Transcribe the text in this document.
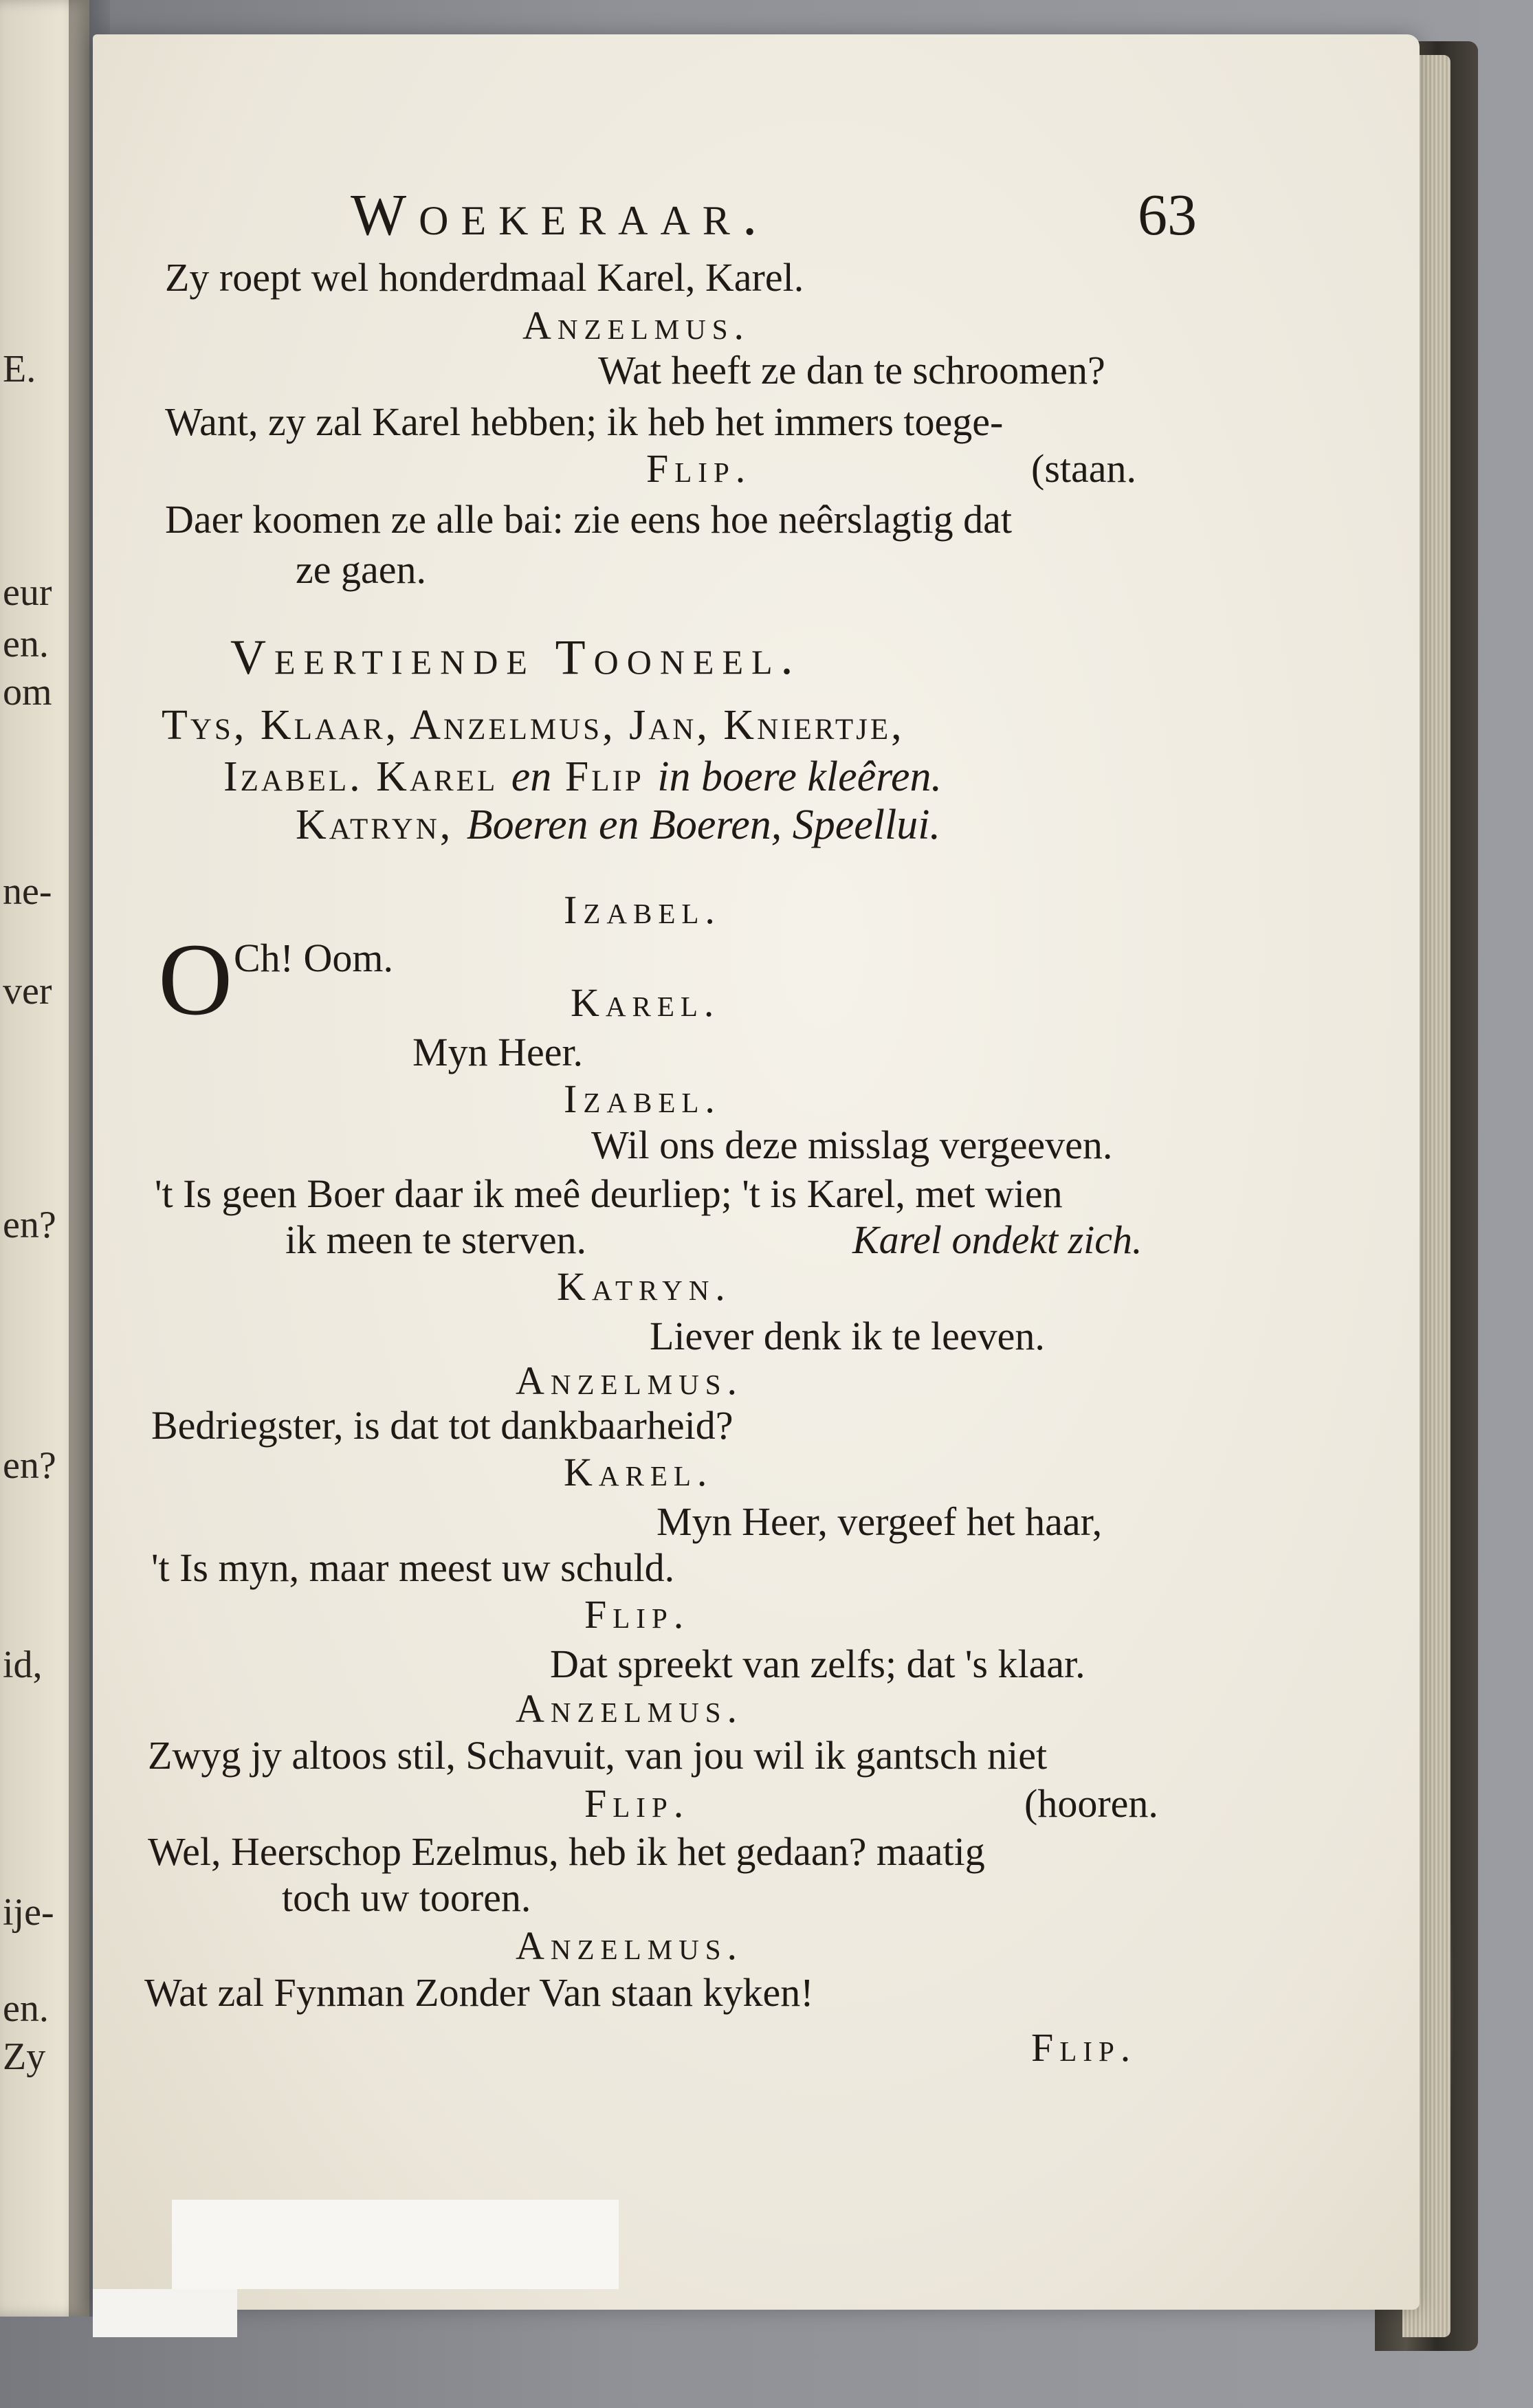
E.
eur
en.
om
ne-
ver
en?
en?
id,
ije-
en.
Zy
Woekeraar.	63
Zy roept wel honderdmaal Karel, Karel.
Anzelmus.
Wat heeft ze dan te schroomen?
Want, zy zal Karel hebben; ik heb het immers toege-
Flip.	(staan.
Daer koomen ze alle bai: zie eens hoe neêrslagtig dat
ze gaen.
Veertiende Tooneel.
Tys, Klaar, Anzelmus, Jan, Kniertje,
Izabel. Karel en Flip in boere kleêren.
Katryn, Boeren en Boeren, Speellui.
Izabel.
O Ch! Oom.
Karel.
Myn Heer.
Izabel.
Wil ons deze misslag vergeeven.
't Is geen Boer daar ik meê deurliep; 't is Karel, met wien
ik meen te sterven.	Karel ondekt zich.
Katryn.
Liever denk ik te leeven.
Anzelmus.
Bedriegster, is dat tot dankbaarheid?
Karel.
Myn Heer, vergeef het haar,
't Is myn, maar meest uw schuld.
Flip.
Dat spreekt van zelfs; dat 's klaar.
Anzelmus.
Zwyg jy altoos stil, Schavuit, van jou wil ik gantsch niet
Flip.	(hooren.
Wel, Heerschop Ezelmus, heb ik het gedaan? maatig
toch uw tooren.
Anzelmus.
Wat zal Fynman Zonder Van staan kyken!
Flip.
